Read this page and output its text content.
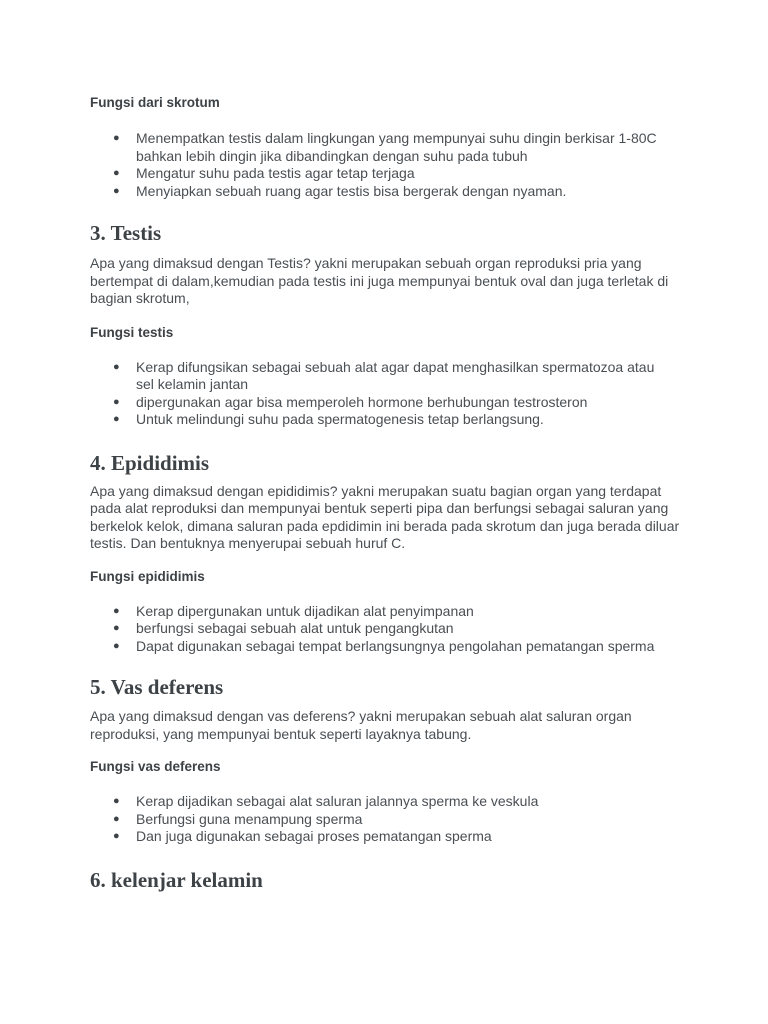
Fungsi dari skrotum

● Menempatkan testis dalam lingkungan yang mempunyai suhu dingin berkisar 1-80C bahkan lebih dingin jika dibandingkan dengan suhu pada tubuh
● Mengatur suhu pada testis agar tetap terjaga
● Menyiapkan sebuah ruang agar testis bisa bergerak dengan nyaman.
3. Testis

Apa yang dimaksud dengan Testis? yakni merupakan sebuah organ reproduksi pria yang bertempat di dalam,kemudian pada testis ini juga mempunyai bentuk oval dan juga terletak di bagian skrotum,

Fungsi testis

● Kerap difungsikan sebagai sebuah alat agar dapat menghasilkan spermatozoa atau sel kelamin jantan
● dipergunakan agar bisa memperoleh hormone berhubungan testrosteron
● Untuk melindungi suhu pada spermatogenesis tetap berlangsung.
4. Epididimis

Apa yang dimaksud dengan epididimis? yakni merupakan suatu bagian organ yang terdapat pada alat reproduksi dan mempunyai bentuk seperti pipa dan berfungsi sebagai saluran yang berkelok kelok, dimana saluran pada epdidimin ini berada pada skrotum dan juga berada diluar testis. Dan bentuknya menyerupai sebuah huruf C.

Fungsi epididimis

● Kerap dipergunakan untuk dijadikan alat penyimpanan
● berfungsi sebagai sebuah alat untuk pengangkutan
● Dapat digunakan sebagai tempat berlangsungnya pengolahan pematangan sperma
5. Vas deferens

Apa yang dimaksud dengan vas deferens? yakni merupakan sebuah alat saluran organ reproduksi, yang mempunyai bentuk seperti layaknya tabung.

Fungsi vas deferens

● Kerap dijadikan sebagai alat saluran jalannya sperma ke veskula
● Berfungsi guna menampung sperma
● Dan juga digunakan sebagai proses pematangan sperma
6. kelenjar kelamin
